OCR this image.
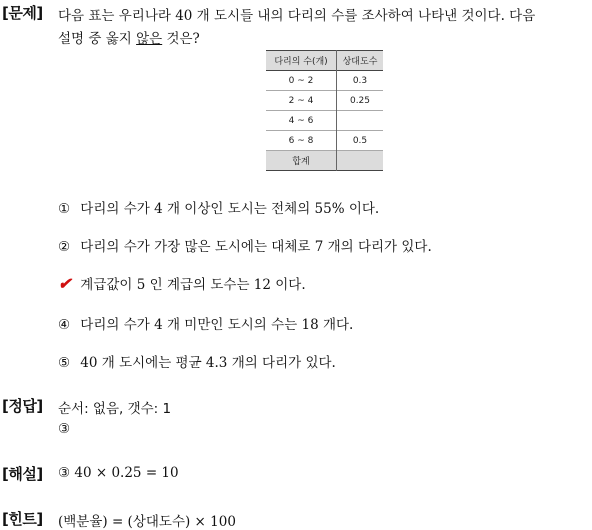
[문제] 다음 표는 우리나라 40 개 도시들 내의 다리의 수를 조사하여 나타낸 것이다. 다음
설명 중 옳지 않은 것은?
다리의 수(개)	상대도수
0 ~ 2	0.3
2 ~ 4	0.25
4 ~ 6	
6 ~ 8	0.5
합계	
① 다리의 수가 4 개 이상인 도시는 전체의 55% 이다.
② 다리의 수가 가장 많은 도시에는 대체로 7 개의 다리가 있다.
✔ 계급값이 5 인 계급의 도수는 12 이다.
④ 다리의 수가 4 개 미만인 도시의 수는 18 개다.
⑤ 40 개 도시에는 평균 4.3 개의 다리가 있다.
[정답] 순서: 없음, 갯수: 1
③
[해설] ③ 40 × 0.25 = 10
[힌트] (백분율) = (상대도수) × 100
